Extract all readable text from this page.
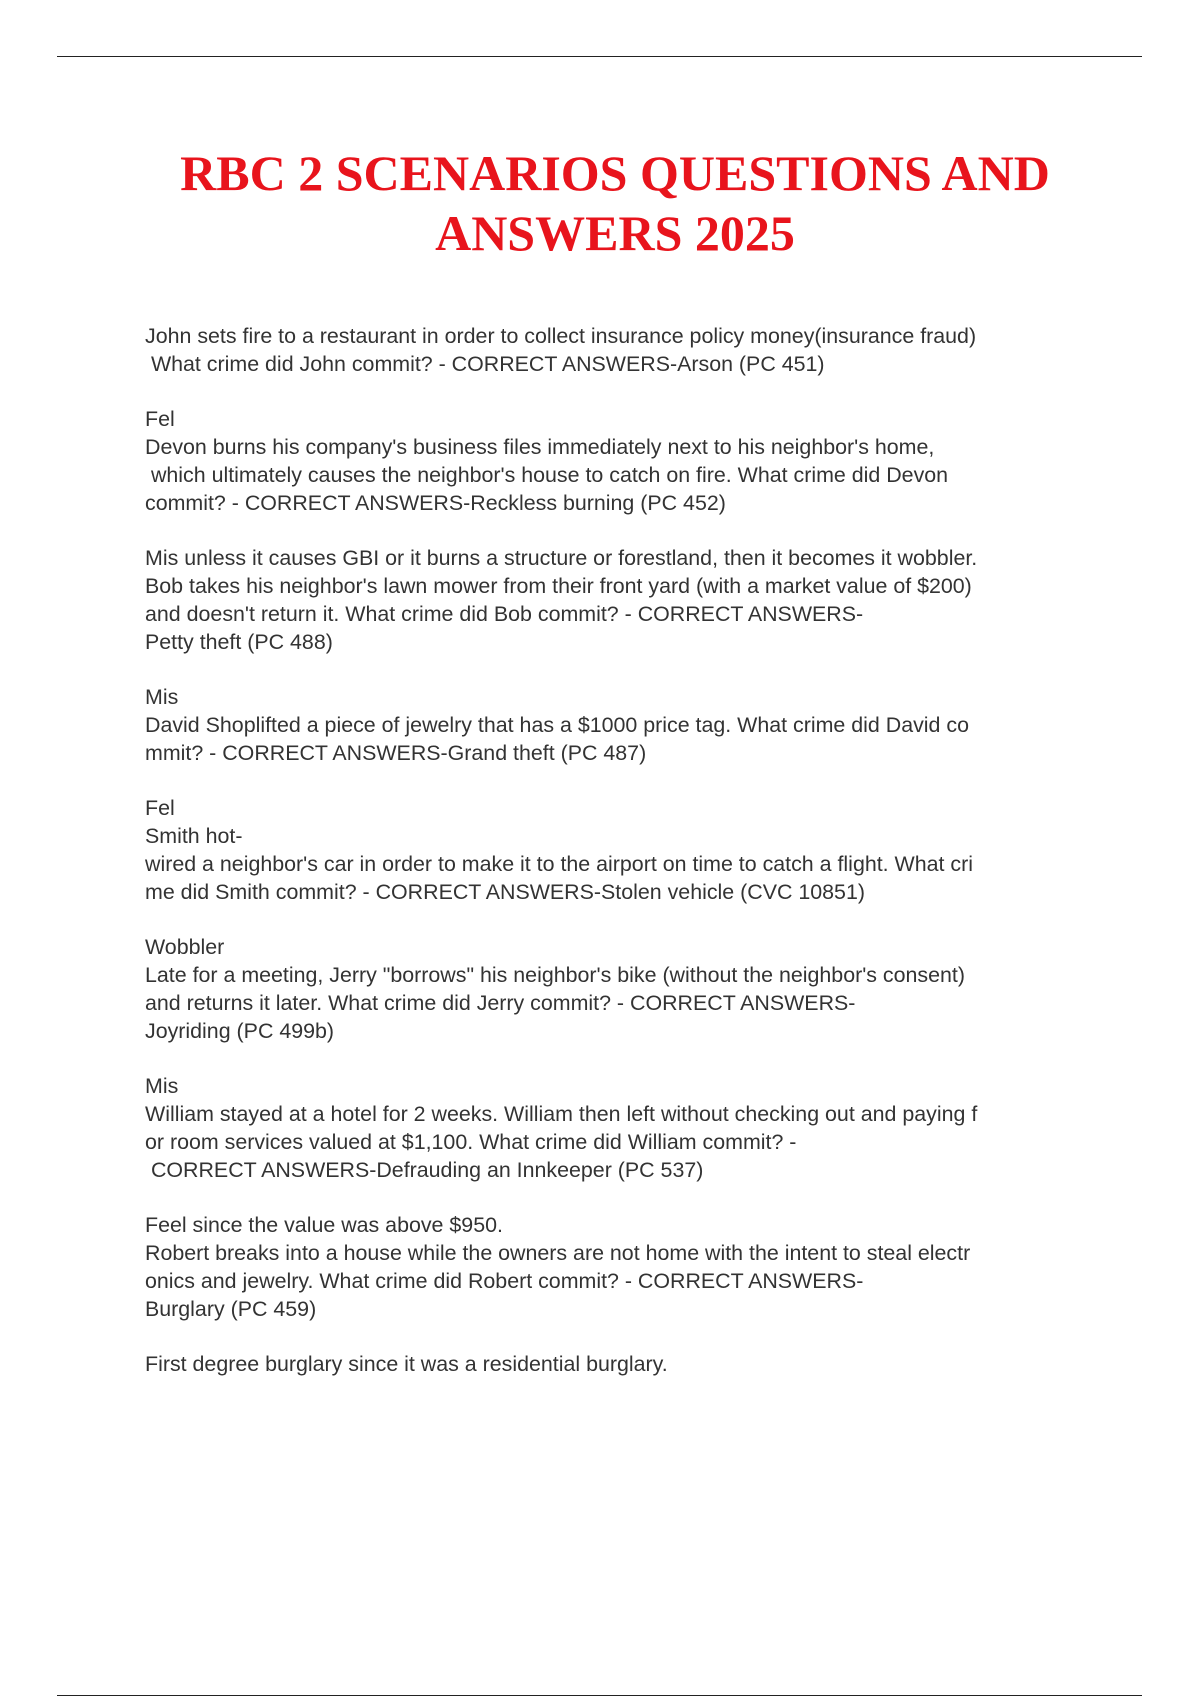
RBC 2 SCENARIOS QUESTIONS AND
ANSWERS 2025
John sets fire to a restaurant in order to collect insurance policy money(insurance fraud)
What crime did John commit? - CORRECT ANSWERS-Arson (PC 451)
Fel
Devon burns his company's business files immediately next to his neighbor's home,
which ultimately causes the neighbor's house to catch on fire. What crime did Devon
commit? - CORRECT ANSWERS-Reckless burning (PC 452)
Mis unless it causes GBI or it burns a structure or forestland, then it becomes it wobbler.
Bob takes his neighbor's lawn mower from their front yard (with a market value of $200)
and doesn't return it. What crime did Bob commit? - CORRECT ANSWERS-
Petty theft (PC 488)
Mis
David Shoplifted a piece of jewelry that has a $1000 price tag. What crime did David co
mmit? - CORRECT ANSWERS-Grand theft (PC 487)
Fel
Smith hot-
wired a neighbor's car in order to make it to the airport on time to catch a flight. What cri
me did Smith commit? - CORRECT ANSWERS-Stolen vehicle (CVC 10851)
Wobbler
Late for a meeting, Jerry "borrows" his neighbor's bike (without the neighbor's consent)
and returns it later. What crime did Jerry commit? - CORRECT ANSWERS-
Joyriding (PC 499b)
Mis
William stayed at a hotel for 2 weeks. William then left without checking out and paying f
or room services valued at $1,100. What crime did William commit? -
CORRECT ANSWERS-Defrauding an Innkeeper (PC 537)
Feel since the value was above $950.
Robert breaks into a house while the owners are not home with the intent to steal electr
onics and jewelry. What crime did Robert commit? - CORRECT ANSWERS-
Burglary (PC 459)
First degree burglary since it was a residential burglary.
